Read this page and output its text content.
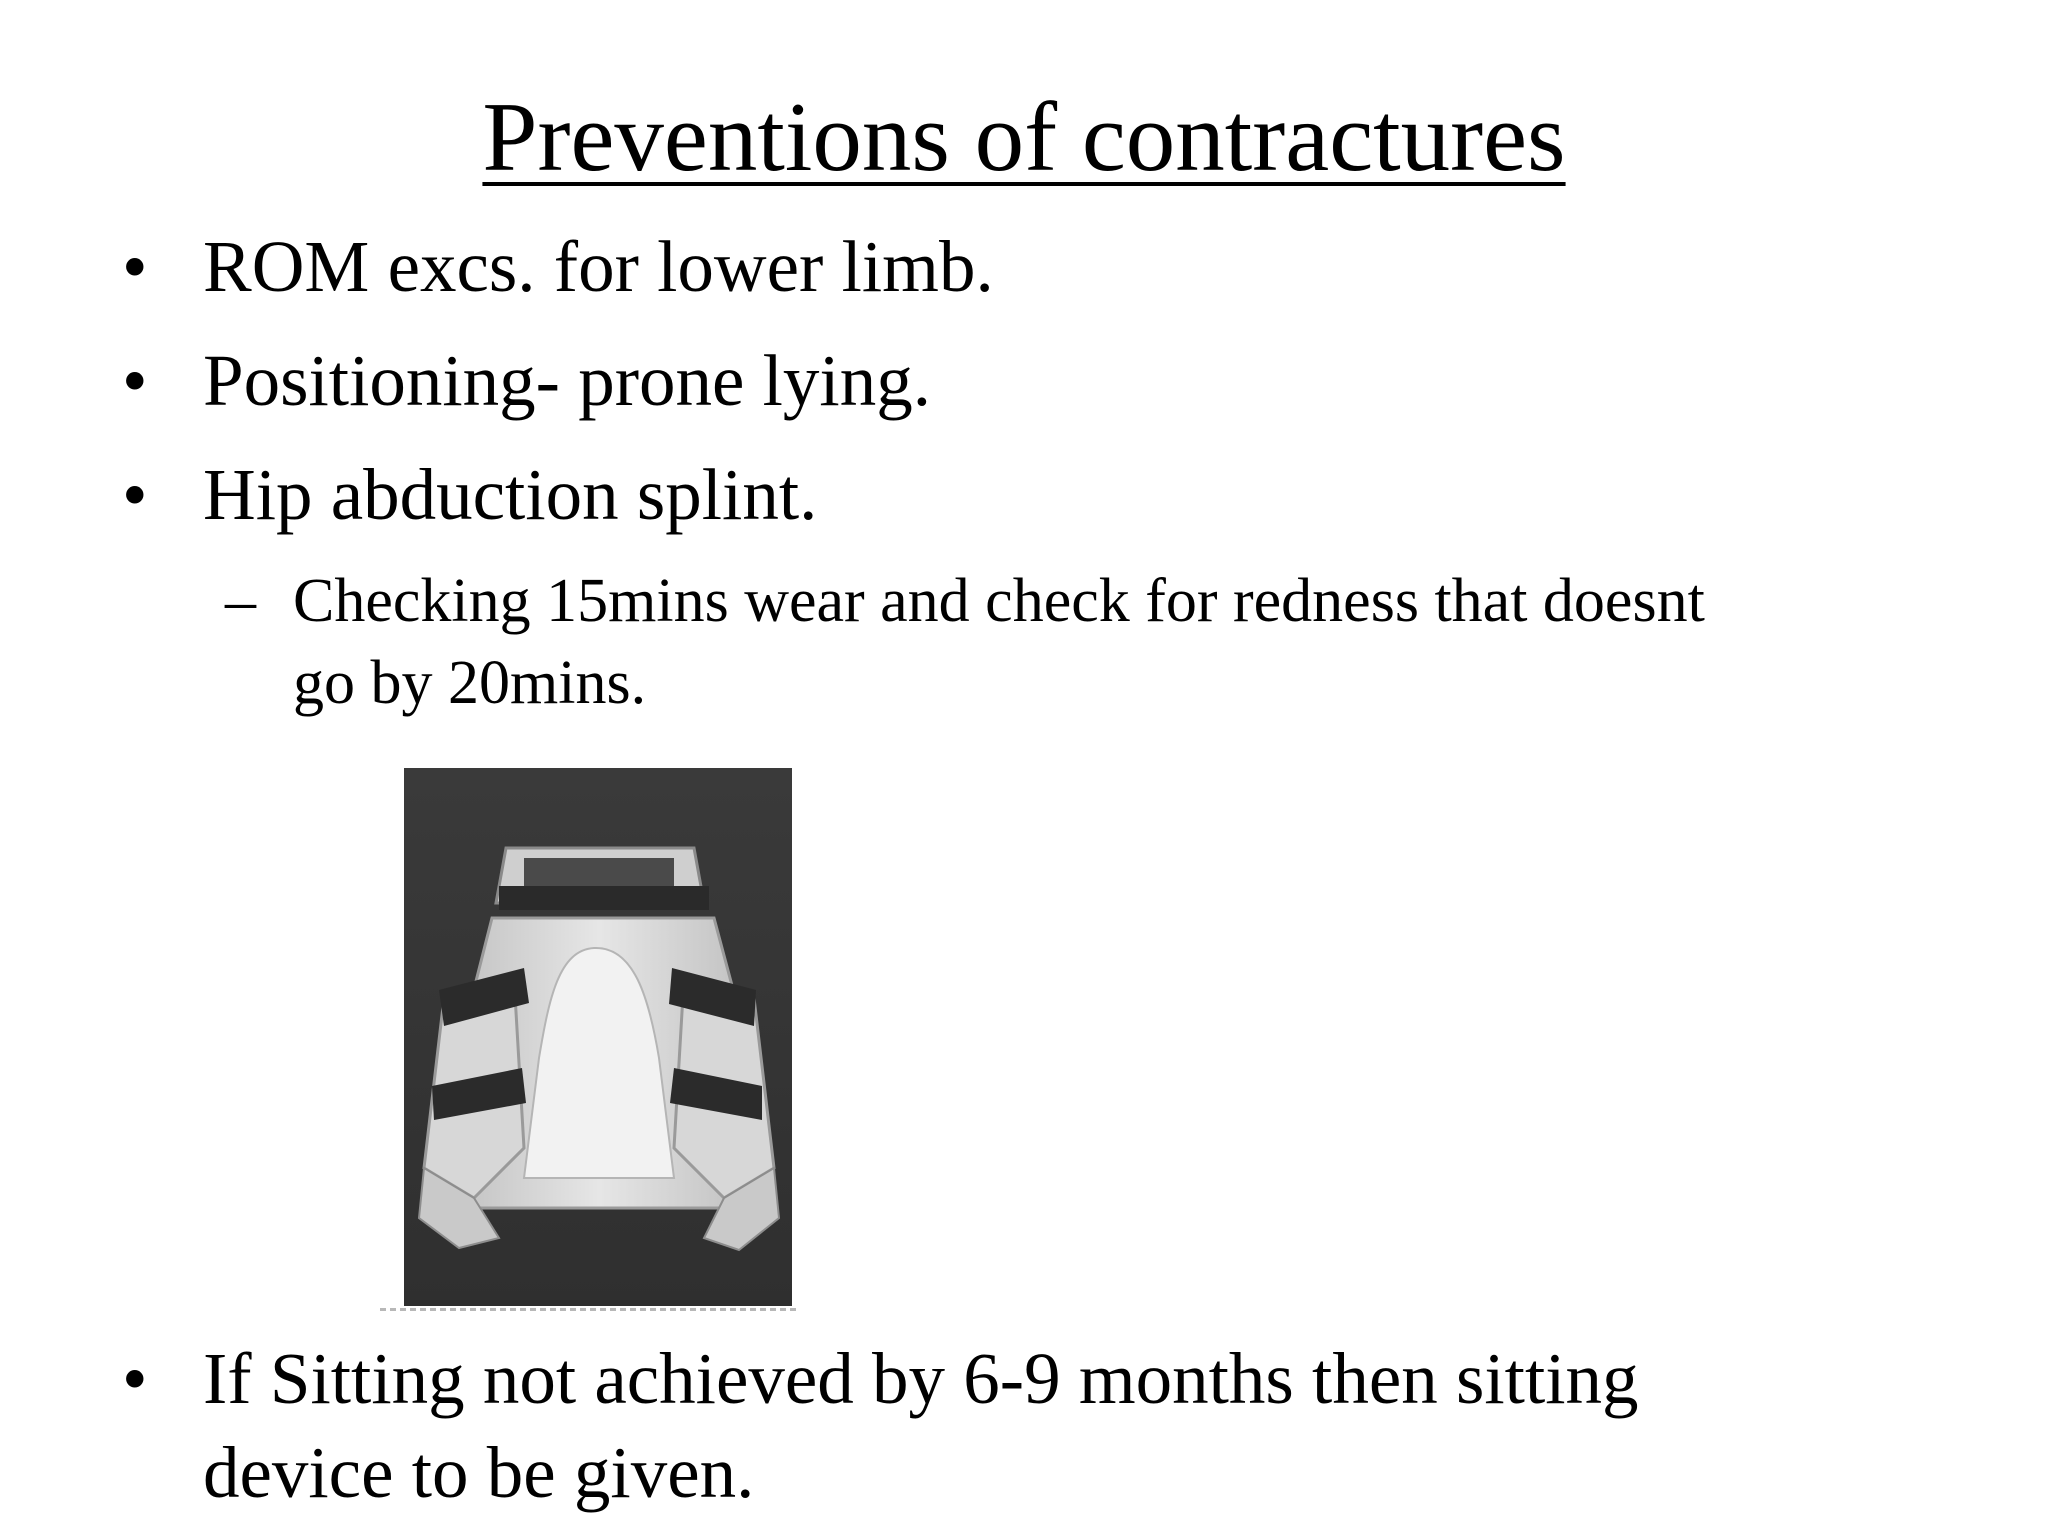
Preventions of contractures
• ROM excs. for lower limb.
• Positioning- prone lying.
• Hip abduction splint.
– Checking 15mins wear and check for redness that doesnt
go by 20mins.
• If Sitting not achieved by 6-9 months then sitting
device to be given.
